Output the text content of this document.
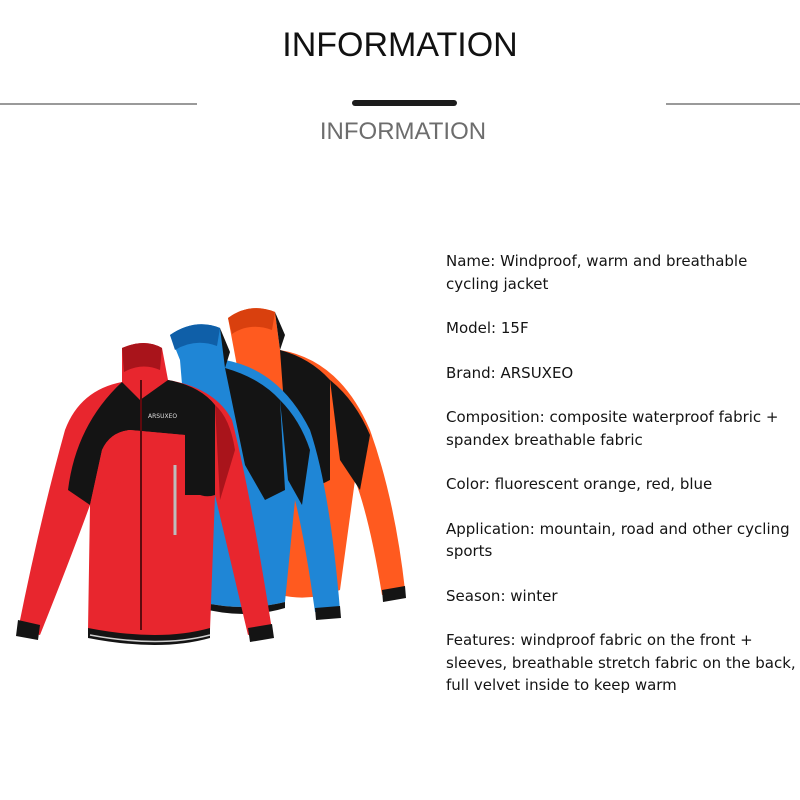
INFORMATION
INFORMATION
ARSUXEO

Name: Windproof, warm and breathable cycling jacket

Model: 15F

Brand: ARSUXEO

Composition: composite waterproof fabric + spandex breathable fabric

Color: fluorescent orange, red, blue

Application: mountain, road and other cycling sports

Season: winter

Features: windproof fabric on the front + sleeves, breathable stretch fabric on the back, full velvet inside to keep warm
